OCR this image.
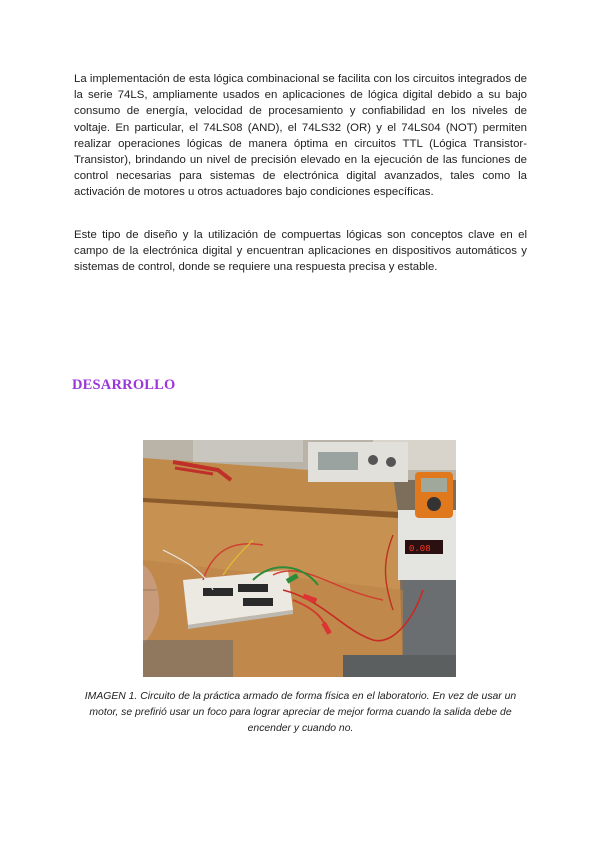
La implementación de esta lógica combinacional se facilita con los circuitos integrados de la serie 74LS, ampliamente usados en aplicaciones de lógica digital debido a su bajo consumo de energía, velocidad de procesamiento y confiabilidad en los niveles de voltaje. En particular, el 74LS08 (AND), el 74LS32 (OR) y el 74LS04 (NOT) permiten realizar operaciones lógicas de manera óptima en circuitos TTL (Lógica Transistor-Transistor), brindando un nivel de precisión elevado en la ejecución de las funciones de control necesarias para sistemas de electrónica digital avanzados, tales como la activación de motores u otros actuadores bajo condiciones específicas.

Este tipo de diseño y la utilización de compuertas lógicas son conceptos clave en el campo de la electrónica digital y encuentran aplicaciones en dispositivos automáticos y sistemas de control, donde se requiere una respuesta precisa y estable.

DESARROLLO
0.08

IMAGEN 1. Circuito de la práctica armado de forma física en el laboratorio. En vez de usar un motor, se prefirió usar un foco para lograr apreciar de mejor forma cuando la salida debe de encender y cuando no.
